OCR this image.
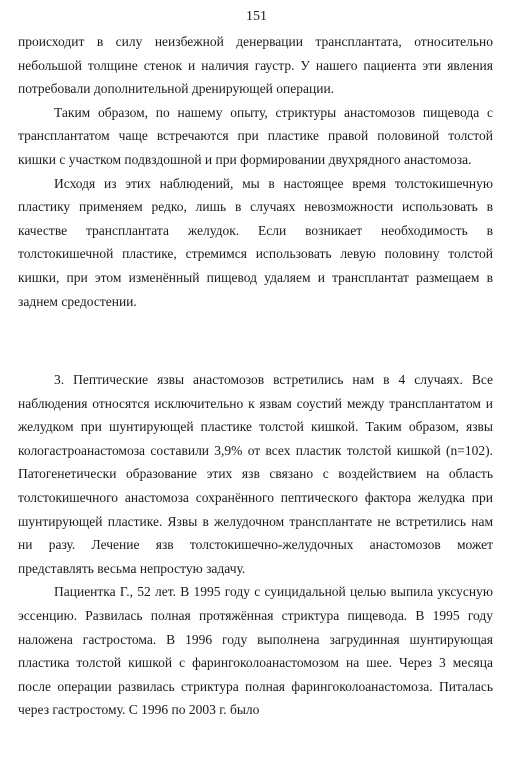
151

происходит в силу неизбежной денервации трансплантата, относительно небольшой толщине стенок и наличия гаустр. У нашего пациента эти явления потребовали дополнительной дренирующей операции.

Таким образом, по нашему опыту, стриктуры анастомозов пищевода с трансплантатом чаще встречаются при пластике правой половиной толстой кишки с участком подвздошной и при формировании двухрядного анастомоза.

Исходя из этих наблюдений, мы в настоящее время толстокишечную пластику применяем редко, лишь в случаях невозможности использовать в качестве трансплантата желудок. Если возникает необходимость в толстокишечной пластике, стремимся использовать левую половину толстой кишки, при этом изменённый пищевод удаляем и трансплантат размещаем в заднем средостении.

3. Пептические язвы анастомозов встретились нам в 4 случаях. Все наблюдения относятся исключительно к язвам соустий между трансплантатом и желудком при шунтирующей пластике толстой кишкой. Таким образом, язвы кологастроанастомоза составили 3,9% от всех пластик толстой кишкой (n=102). Патогенетически образование этих язв связано с воздействием на область толстокишечного анастомоза сохранённого пептического фактора желудка при шунтирующей пластике. Язвы в желудочном трансплантате не встретились нам ни разу. Лечение язв толстокишечно-желудочных анастомозов может представлять весьма непростую задачу.

Пациентка Г., 52 лет. В 1995 году с суицидальной целью выпила уксусную эссенцию. Развилась полная протяжённая стриктура пищевода. В 1995 году наложена гастростома. В 1996 году выполнена загрудинная шунтирующая пластика толстой кишкой с фарингоколоанастомозом на шее. Через 3 месяца после операции развилась стриктура полная фарингоколоанастомоза. Питалась через гастростому. С 1996 по 2003 г. было
